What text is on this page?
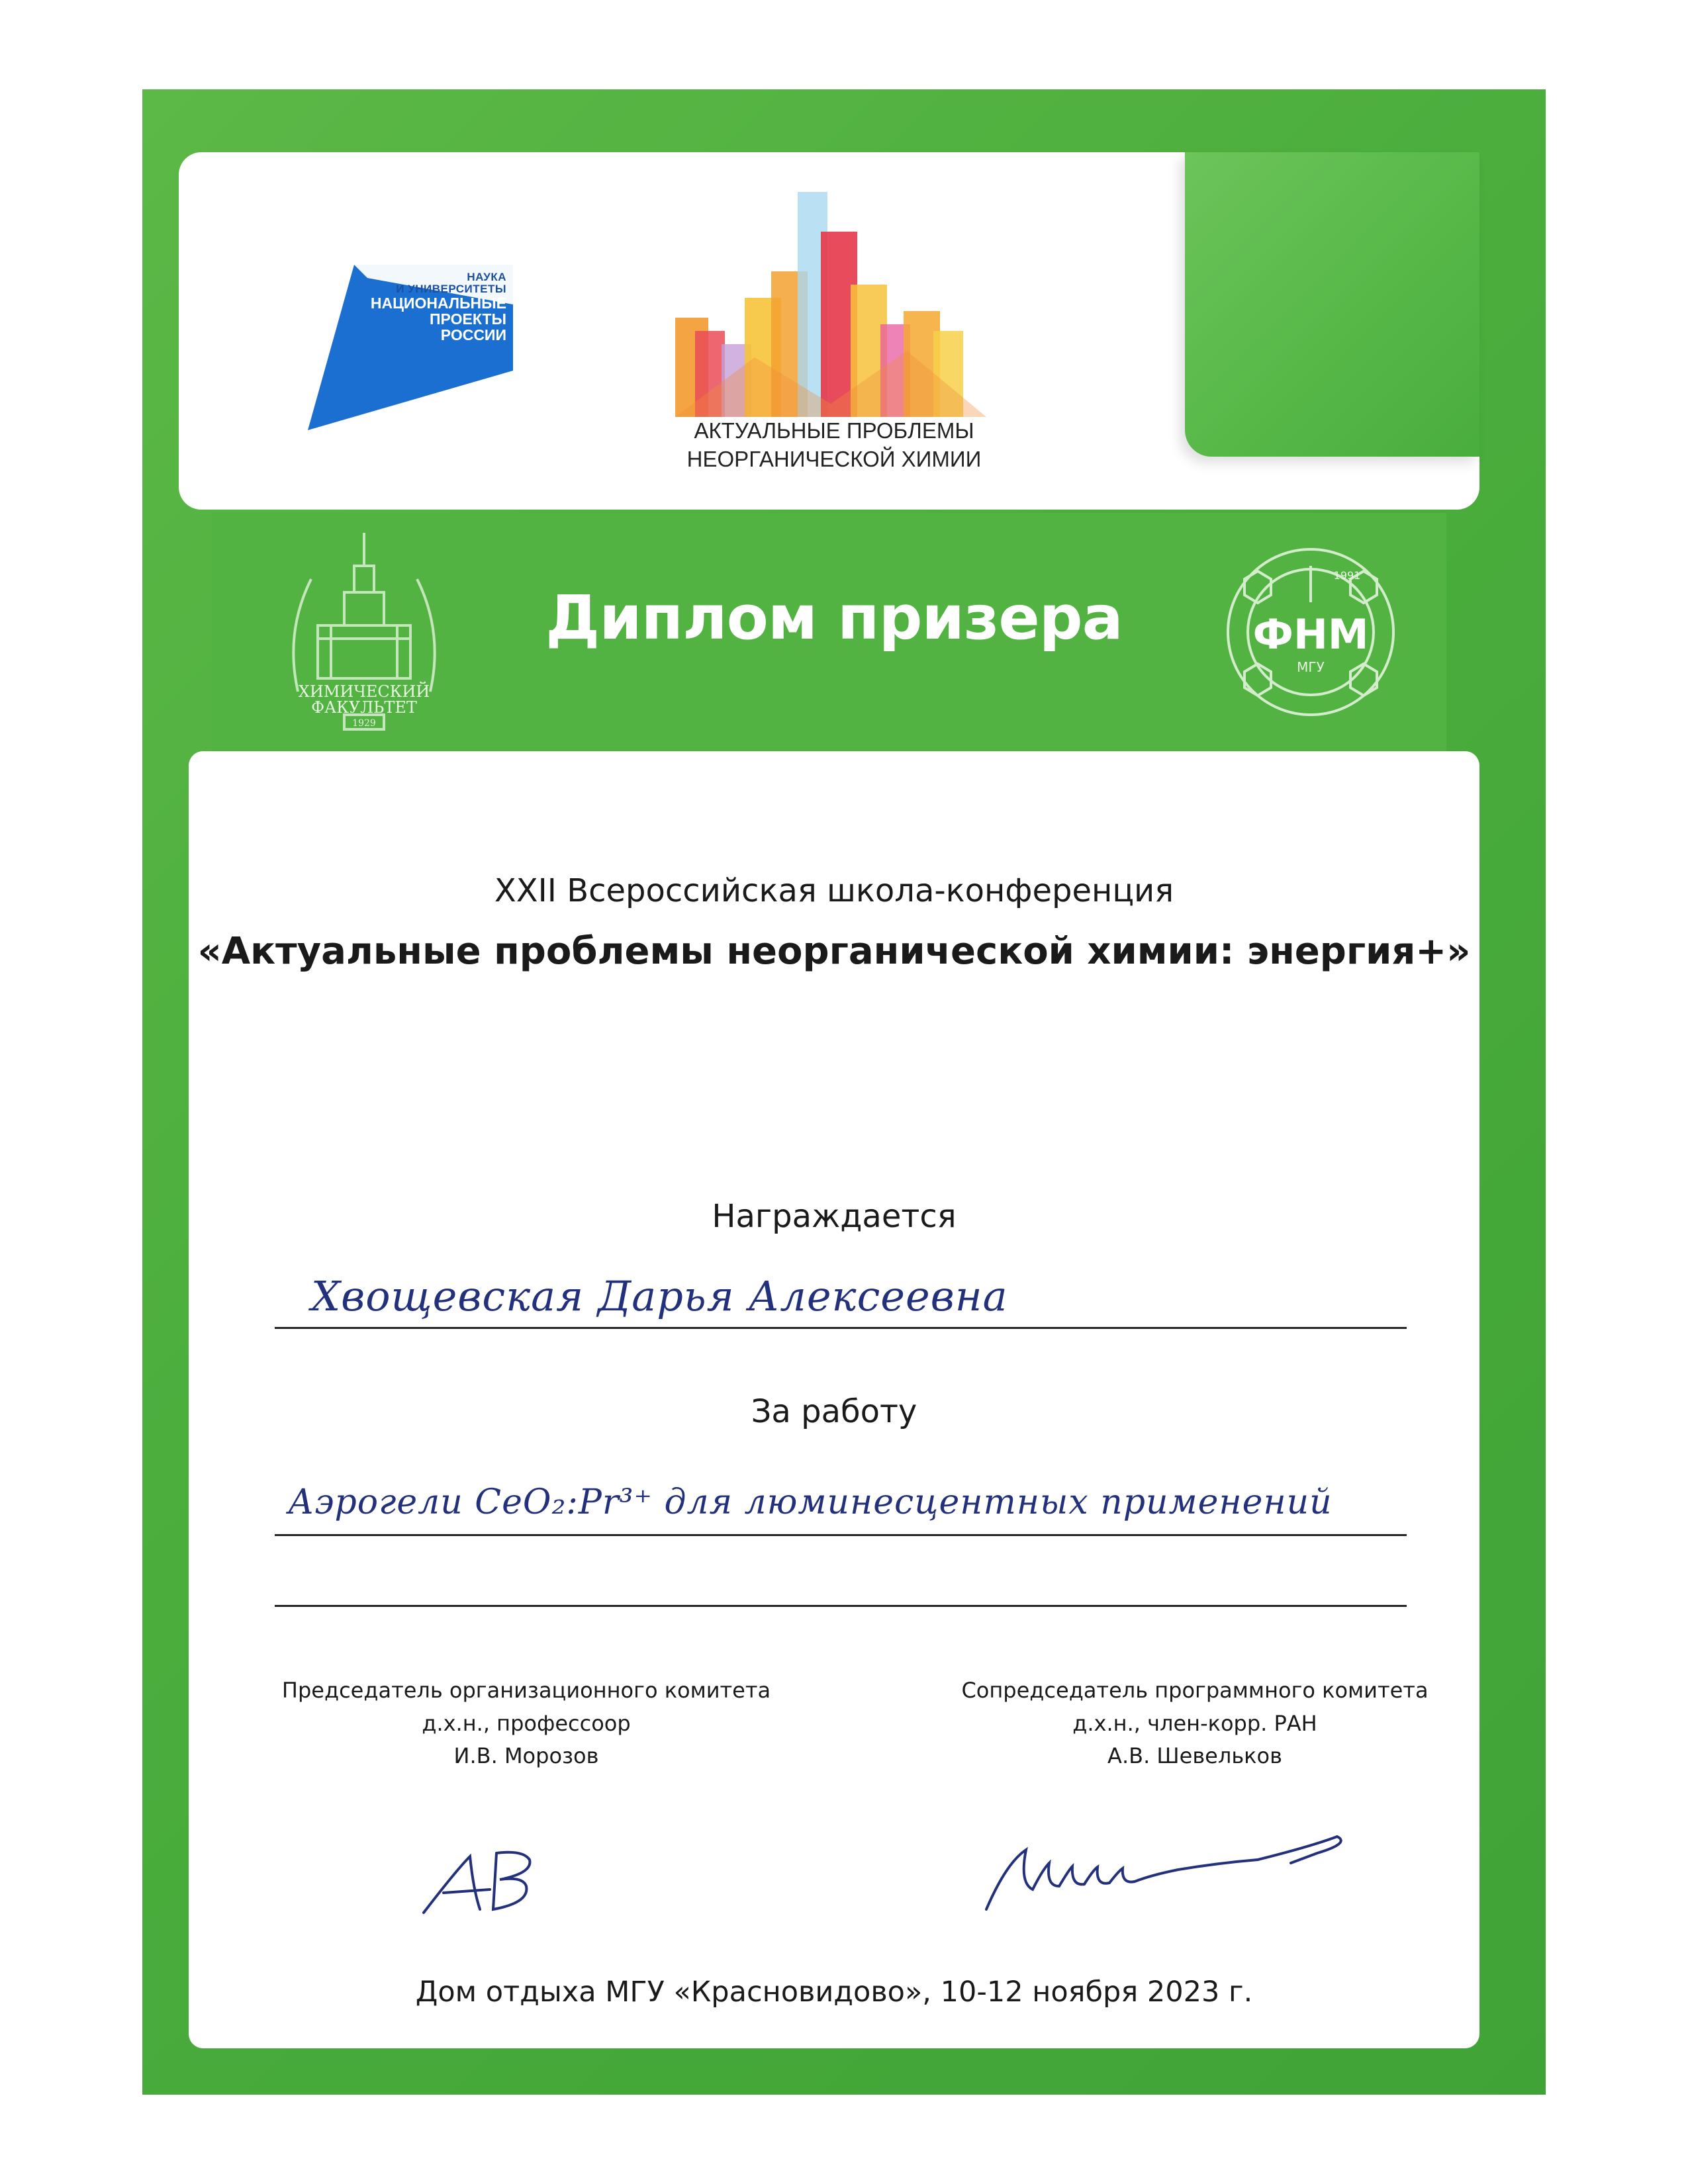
НАУКА
И УНИВЕРСИТЕТЫ
НАЦИОНАЛЬНЫЕ
ПРОЕКТЫ
РОССИИ
АКТУАЛЬНЫЕ ПРОБЛЕМЫ
НЕОРГАНИЧЕСКОЙ ХИМИИ
ХИМИЧЕСКИЙ
ФАКУЛЬТЕТ
1929
Диплом призера	ФНМ
МГУ
1991
XXII Всероссийская школа-конференция
«Актуальные проблемы неорганической химии: энергия+»
Награждается
Хвощевская Дарья Алексеевна
За работу
Аэрогели CeO₂:Pr³⁺ для люминесцентных применений
Председатель организационного комитета
д.х.н., профессоор
И.В. Морозов
Сопредседатель программного комитета
д.х.н., член-корр. РАН
А.В. Шевельков
Дом отдыха МГУ «Красновидово», 10-12 ноября 2023 г.
